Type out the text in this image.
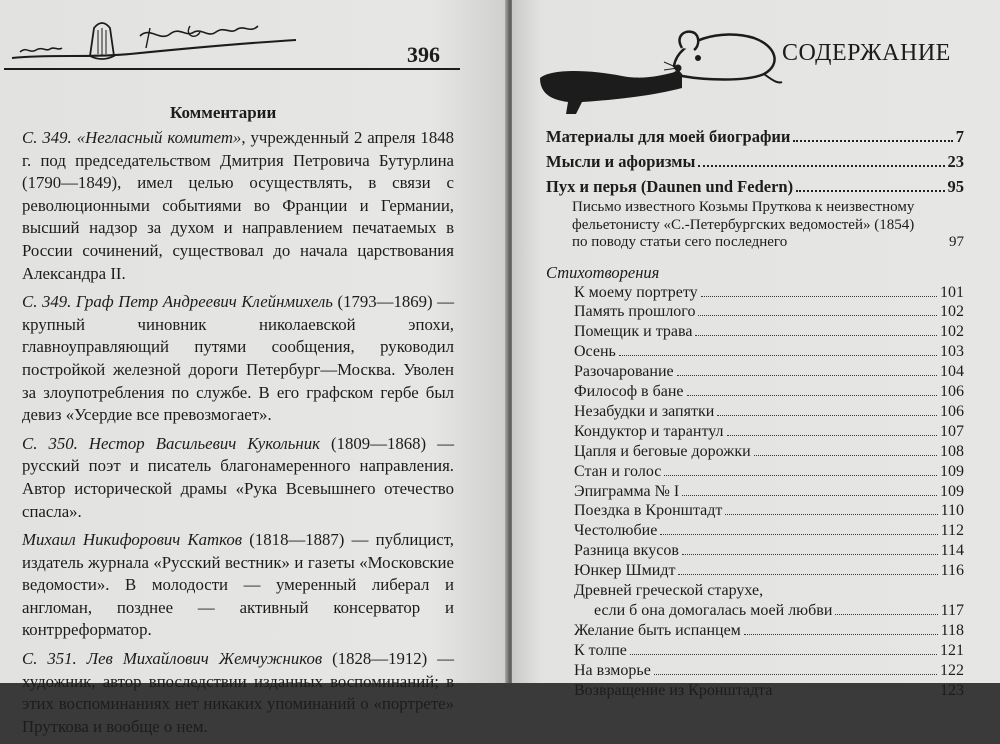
396
Комментарии

С. 349. «Негласный комитет», учрежденный 2 апреля 1848 г. под председательством Дмитрия Петровича Бутурлина (1790—1849), имел целью осуществлять, в связи с революционными событиями во Франции и Германии, высший надзор за духом и направлением печатаемых в России сочинений, существовал до начала царствования Александра II.

С. 349. Граф Петр Андреевич Клейнмихель (1793—1869) — крупный чиновник николаевской эпохи, главноуправляющий путями сообщения, руководил постройкой железной дороги Петербург—Москва. Уволен за злоупотребления по службе. В его графском гербе был девиз «Усердие все превозмогает».

С. 350. Нестор Васильевич Кукольник (1809—1868) — русский поэт и писатель благонамеренного направления. Автор исторической драмы «Рука Всевышнего отечество спасла».

Михаил Никифорович Катков (1818—1887) — публицист, издатель журнала «Русский вестник» и газеты «Московские ведомости». В молодости — умеренный либерал и англоман, позднее — активный консерватор и контрреформатор.

С. 351. Лев Михайлович Жемчужников (1828—1912) — художник, автор впоследствии изданных воспоминаний; в этих воспоминаниях нет никаких упоминаний о «портрете» Пруткова и вообще о нем.

СОДЕРЖАНИЕ
Материалы для моей биографии	7
Мысли и афоризмы	23
Пух и перья (Daunen und Federn)	95
Письмо известного Козьмы Пруткова к неизвестному
фельетонисту «С.-Петербургских ведомостей» (1854)
по поводу статьи сего последнего	97
Стихотворения
К моему портрету	101
Память прошлого	102
Помещик и трава	102
Осень	103
Разочарование	104
Философ в бане	106
Незабудки и запятки	106
Кондуктор и тарантул	107
Цапля и беговые дорожки	108
Стан и голос	109
Эпиграмма № I	109
Поездка в Кронштадт	110
Честолюбие	112
Разница вкусов	114
Юнкер Шмидт	116
Древней греческой старухе,
если б она домогалась моей любви	117
Желание быть испанцем	118
К толпе	121
На взморье	122
Возвращение из Кронштадта	123
